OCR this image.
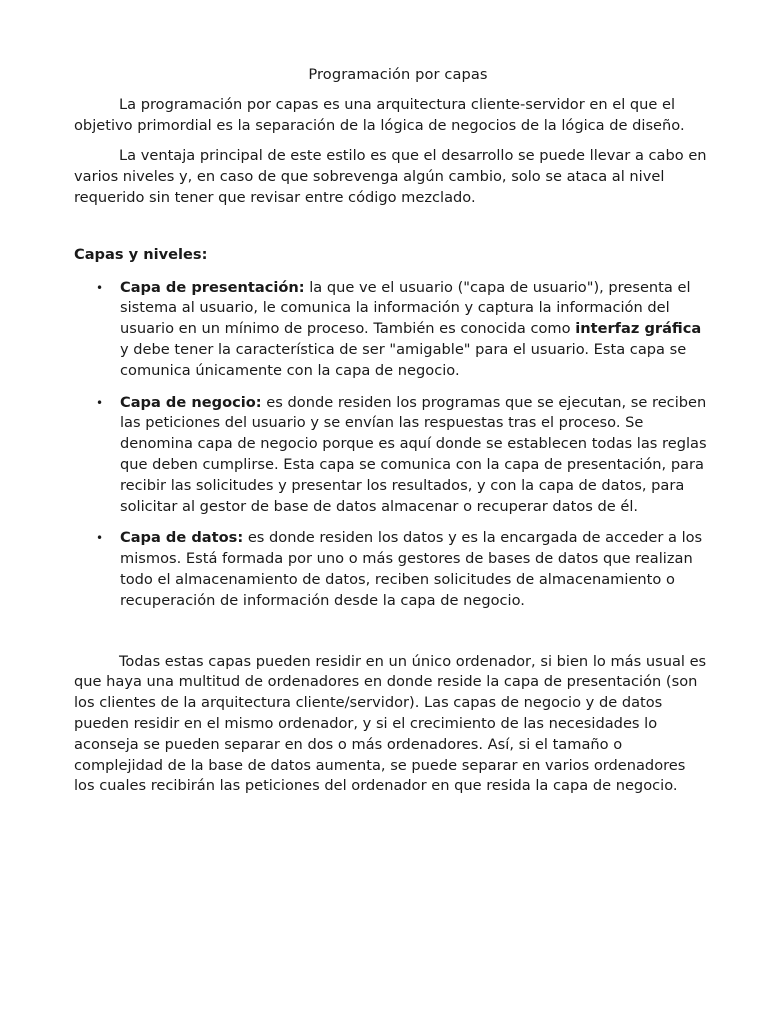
Programación por capas

La programación por capas es una arquitectura cliente-servidor en el que el objetivo primordial es la separación de la lógica de negocios de la lógica de diseño.

La ventaja principal de este estilo es que el desarrollo se puede llevar a cabo en varios niveles y, en caso de que sobrevenga algún cambio, solo se ataca al nivel requerido sin tener que revisar entre código mezclado.

Capas y niveles:
• Capa de presentación: la que ve el usuario ("capa de usuario"), presenta el sistema al usuario, le comunica la información y captura la información del usuario en un mínimo de proceso. También es conocida como interfaz gráfica y debe tener la característica de ser "amigable" para el usuario. Esta capa se comunica únicamente con la capa de negocio.
• Capa de negocio: es donde residen los programas que se ejecutan, se reciben las peticiones del usuario y se envían las respuestas tras el proceso. Se denomina capa de negocio porque es aquí donde se establecen todas las reglas que deben cumplirse. Esta capa se comunica con la capa de presentación, para recibir las solicitudes y presentar los resultados, y con la capa de datos, para solicitar al gestor de base de datos almacenar o recuperar datos de él.
• Capa de datos: es donde residen los datos y es la encargada de acceder a los mismos. Está formada por uno o más gestores de bases de datos que realizan todo el almacenamiento de datos, reciben solicitudes de almacenamiento o recuperación de información desde la capa de negocio.

Todas estas capas pueden residir en un único ordenador, si bien lo más usual es que haya una multitud de ordenadores en donde reside la capa de presentación (son los clientes de la arquitectura cliente/servidor). Las capas de negocio y de datos pueden residir en el mismo ordenador, y si el crecimiento de las necesidades lo aconseja se pueden separar en dos o más ordenadores. Así, si el tamaño o complejidad de la base de datos aumenta, se puede separar en varios ordenadores los cuales recibirán las peticiones del ordenador en que resida la capa de negocio.
